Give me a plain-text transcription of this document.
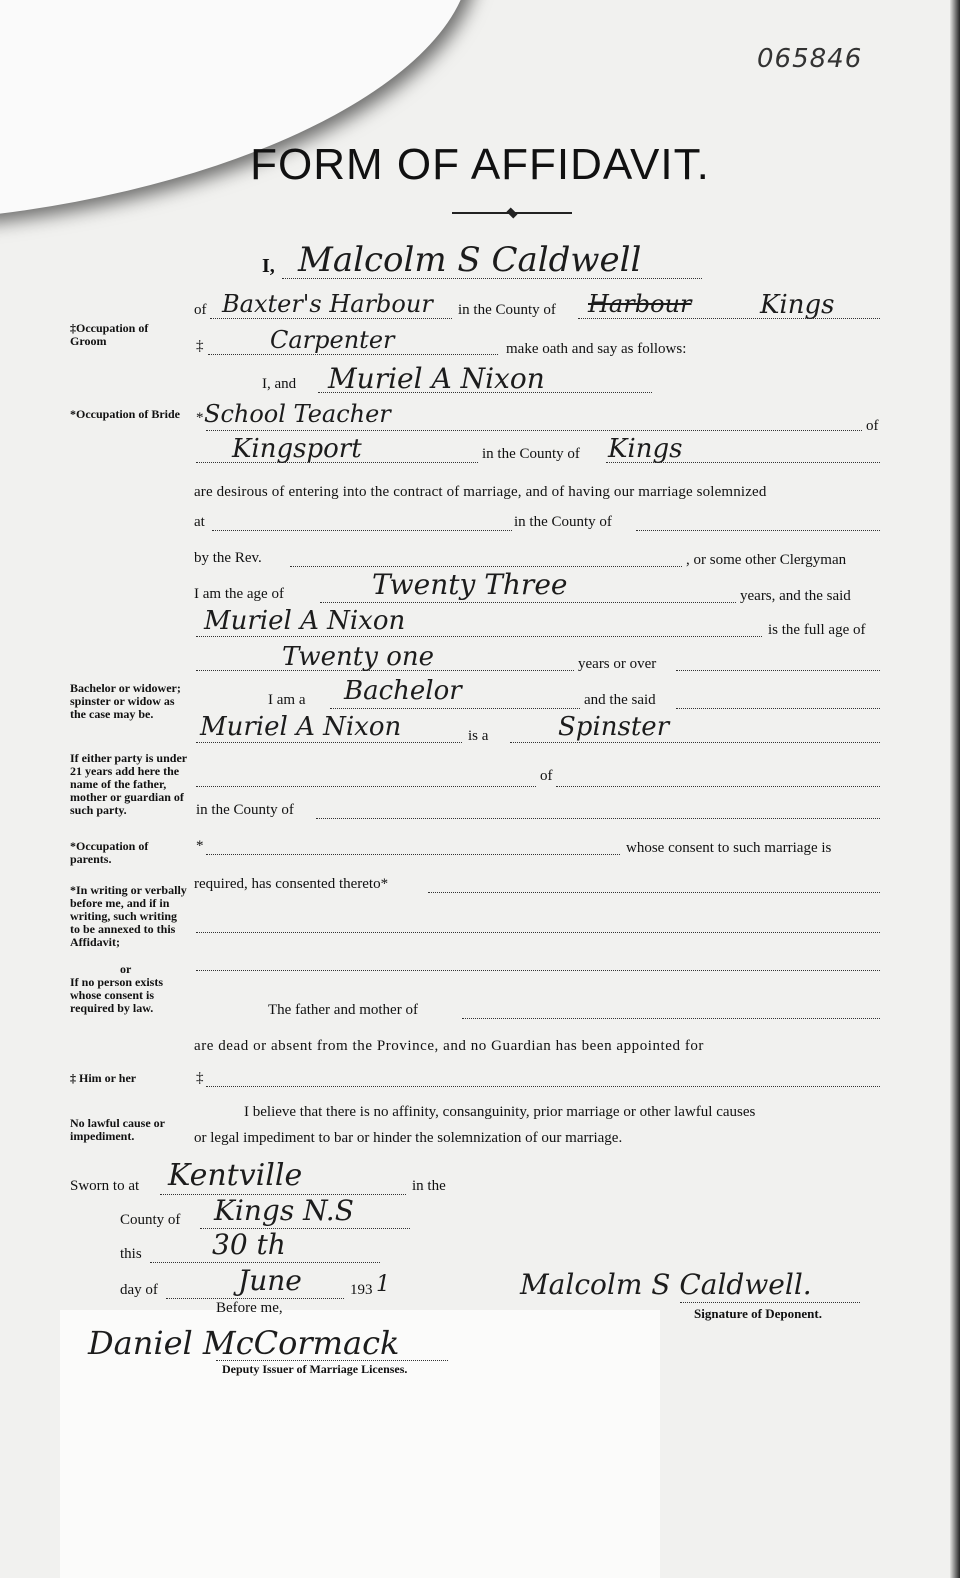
065846
FORM OF AFFIDAVIT.
‡Occupation of Groom
*Occupation of Bride
Bachelor or widower; spinster or widow as the case may be.
If either party is under 21 years add here the name of the father, mother or guardian of such party.
*Occupation of parents.
*In writing or verbally before me, and if in writing, such writing to be annexed to this Affidavit;
or
If no person exists whose consent is required by law.
‡ Him or her
No lawful cause or impediment.
I, Malcolm S Caldwell
of Baxter's Harbour in the County of Harbour	Kings
‡	Carpenter	make oath and say as follows:
I, and Muriel A Nixon
* School Teacher	of
Kingsport	in the County of Kings
are desirous of entering into the contract of marriage, and of having our marriage solemnized
at	in the County of
by the Rev.	, or some other Clergyman
I am the age of	Twenty Three	years, and the said
Muriel A Nixon	is the full age of
Twenty one	years or over
I am a Bachelor	and the said
Muriel A Nixon	is a	Spinster
of
in the County of
*	whose consent to such marriage is
required, has consented thereto*
The father and mother of
are dead or absent from the Province, and no Guardian has been appointed for
‡
I believe that there is no affinity, consanguinity, prior marriage or other lawful causes
or legal impediment to bar or hinder the solemnization of our marriage.
Sworn to at Kentville	in the
County of Kings N.S
this	30 th
day of	June	193 1	Malcolm S Caldwell.
Signature of Deponent.
Before me,
Daniel McCormack
Deputy Issuer of Marriage Licenses.
